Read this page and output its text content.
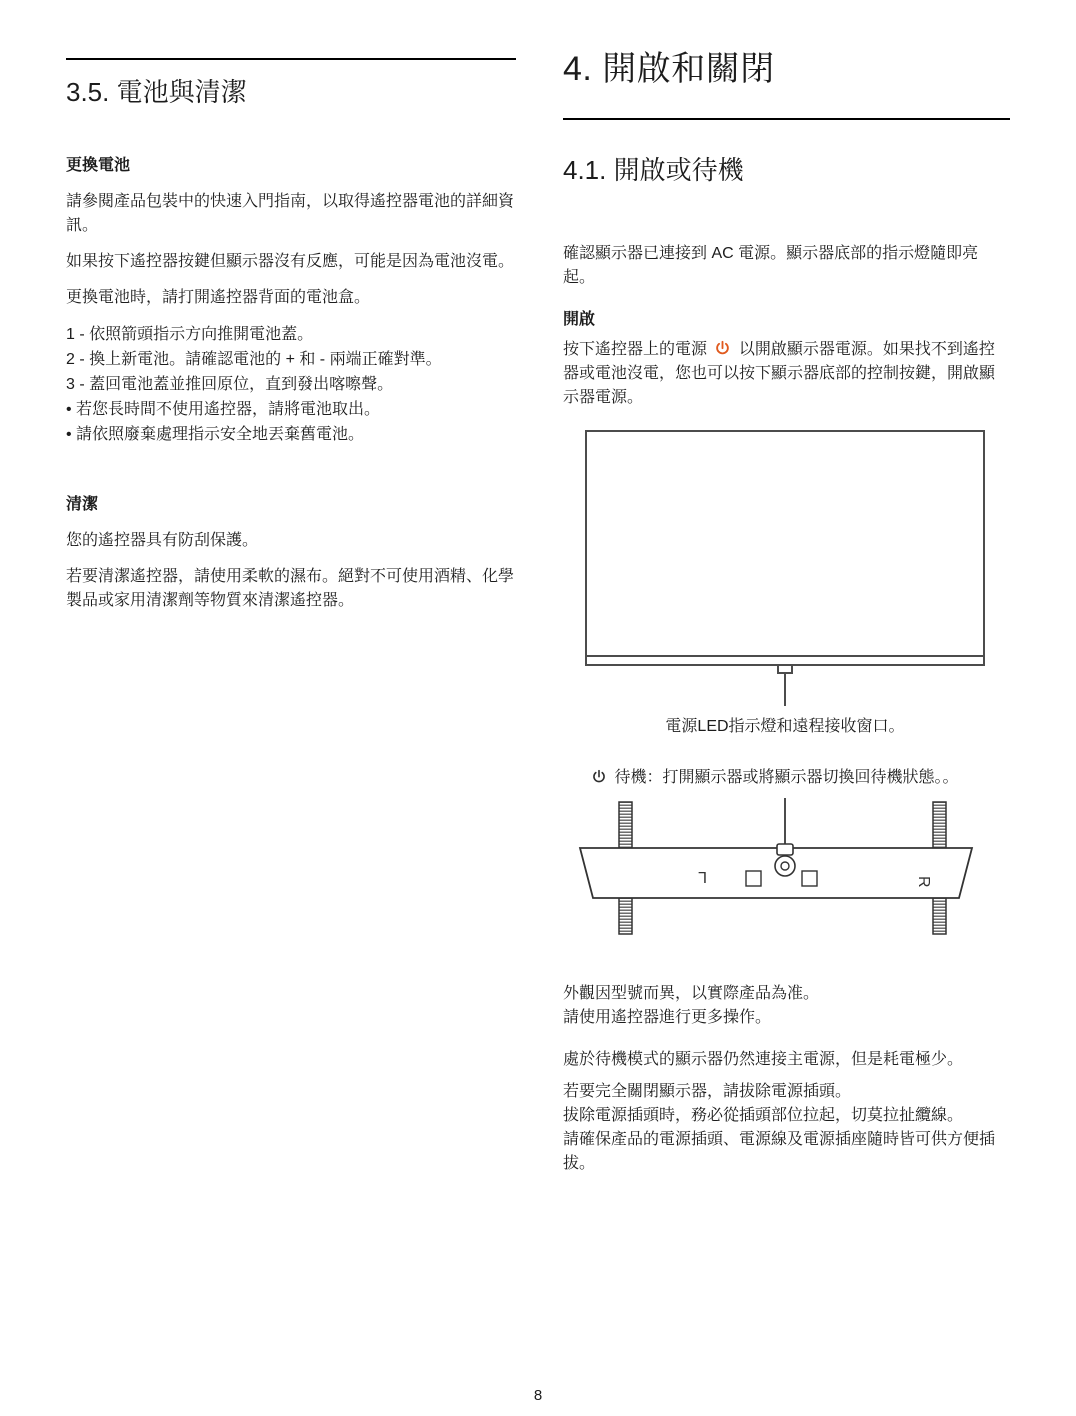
3.5. 電池與清潔
更換電池

請參閱產品包裝中的快速入門指南，以取得遙控器電池的詳細資訊。

如果按下遙控器按鍵但顯示器沒有反應，可能是因為電池沒電。

更換電池時，請打開遙控器背面的電池盒。

1 - 依照箭頭指示方向推開電池蓋。
2 - 換上新電池。請確認電池的 + 和 - 兩端正確對準。
3 - 蓋回電池蓋並推回原位，直到發出喀嚓聲。
• 若您長時間不使用遙控器，請將電池取出。
• 請依照廢棄處理指示安全地丟棄舊電池。
清潔

您的遙控器具有防刮保護。

若要清潔遙控器，請使用柔軟的濕布。絕對不可使用酒精、化學製品或家用清潔劑等物質來清潔遙控器。

4. 開啟和關閉
4.1. 開啟或待機

確認顯示器已連接到 AC 電源。顯示器底部的指示燈隨即亮起。

開啟

按下遙控器上的電源 以開啟顯示器電源。如果找不到遙控器或電池沒電，您也可以按下顯示器底部的控制按鍵，開啟顯示器電源。

電源LED指示燈和遠程接收窗口。
待機：打開顯示器或將顯示器切換回待機狀態。。
L	R
外觀因型號而異，以實際產品為准。
請使用遙控器進行更多操作。

處於待機模式的顯示器仍然連接主電源，但是耗電極少。

若要完全關閉顯示器，請拔除電源插頭。
拔除電源插頭時，務必從插頭部位拉起，切莫拉扯纜線。
請確保產品的電源插頭、電源線及電源插座隨時皆可供方便插拔。
8
